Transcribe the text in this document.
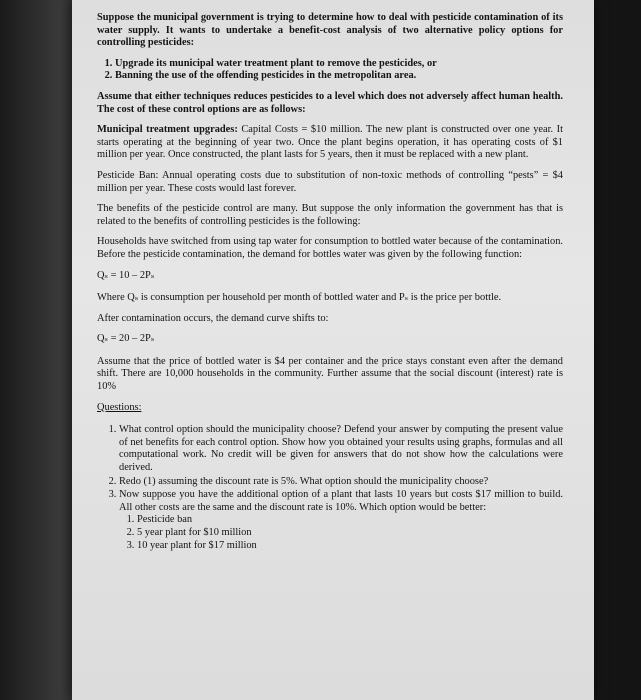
Suppose the municipal government is trying to determine how to deal with pesticide contamination of its water supply. It wants to undertake a benefit-cost analysis of two alternative policy options for controlling pesticides:

1. Upgrade its municipal water treatment plant to remove the pesticides, or
2. Banning the use of the offending pesticides in the metropolitan area.

Assume that either techniques reduces pesticides to a level which does not adversely affect human health. The cost of these control options are as follows:

Municipal treatment upgrades: Capital Costs = $10 million. The new plant is constructed over one year. It starts operating at the beginning of year two. Once the plant begins operation, it has operating costs of $1 million per year. Once constructed, the plant lasts for 5 years, then it must be replaced with a new plant.

Pesticide Ban: Annual operating costs due to substitution of non-toxic methods of controlling “pests” = $4 million per year. These costs would last forever.

The benefits of the pesticide control are many. But suppose the only information the government has that is related to the benefits of controlling pesticides is the following:

Households have switched from using tap water for consumption to bottled water because of the contamination. Before the pesticide contamination, the demand for bottles water was given by the following function:

Qₛ = 10 – 2Pₛ

Where Qₛ is consumption per household per month of bottled water and Pₛ is the price per bottle.

After contamination occurs, the demand curve shifts to:

Qₛ = 20 – 2Pₛ

Assume that the price of bottled water is $4 per container and the price stays constant even after the demand shift. There are 10,000 households in the community. Further assume that the social discount (interest) rate is 10%

Questions:
1. What control option should the municipality choose? Defend your answer by computing the present value of net benefits for each control option. Show how you obtained your results using graphs, formulas and all computational work. No credit will be given for answers that do not show how the calculations were derived.
2. Redo (1) assuming the discount rate is 5%. What option should the municipality choose?
3. Now suppose you have the additional option of a plant that lasts 10 years but costs $17 million to build. All other costs are the same and the discount rate is 10%. Which option would be better:
1. Pesticide ban
2. 5 year plant for $10 million
3. 10 year plant for $17 million
